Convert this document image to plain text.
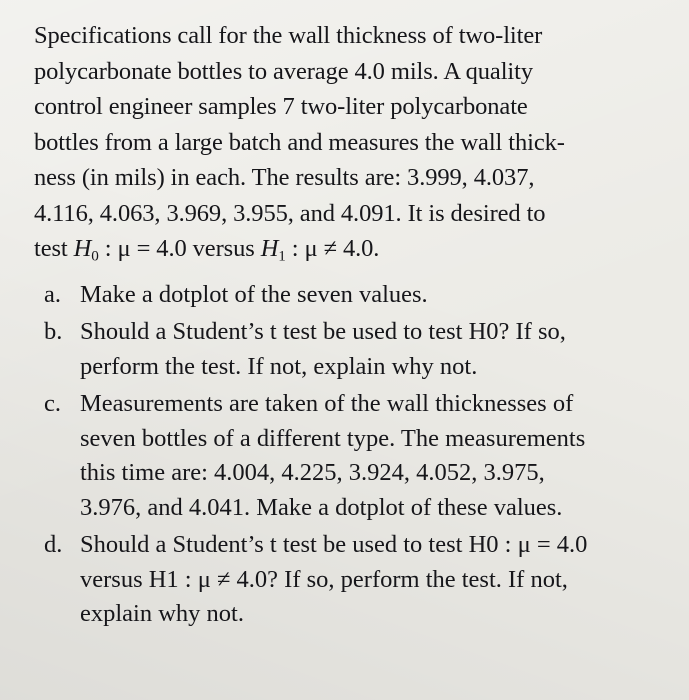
Specifications call for the wall thickness of two-liter

polycarbonate bottles to average 4.0 mils. A quality

control engineer samples 7 two-liter polycarbonate

bottles from a large batch and measures the wall thick-

ness (in mils) in each. The results are: 3.999, 4.037,

4.116, 4.063, 3.969, 3.955, and 4.091. It is desired to

test $H_0$ : μ = 4.0 versus $H_1$ : μ ≠ 4.0.

a. Make a dotplot of the seven values.
b. Should a Student’s t test be used to test H0? If so,
perform the test. If not, explain why not.
c. Measurements are taken of the wall thicknesses of
seven bottles of a different type. The measurements
this time are: 4.004, 4.225, 3.924, 4.052, 3.975,
3.976, and 4.041. Make a dotplot of these values.
d. Should a Student’s t test be used to test H0 : μ = 4.0
versus H1 : μ ≠ 4.0? If so, perform the test. If not,
explain why not.
